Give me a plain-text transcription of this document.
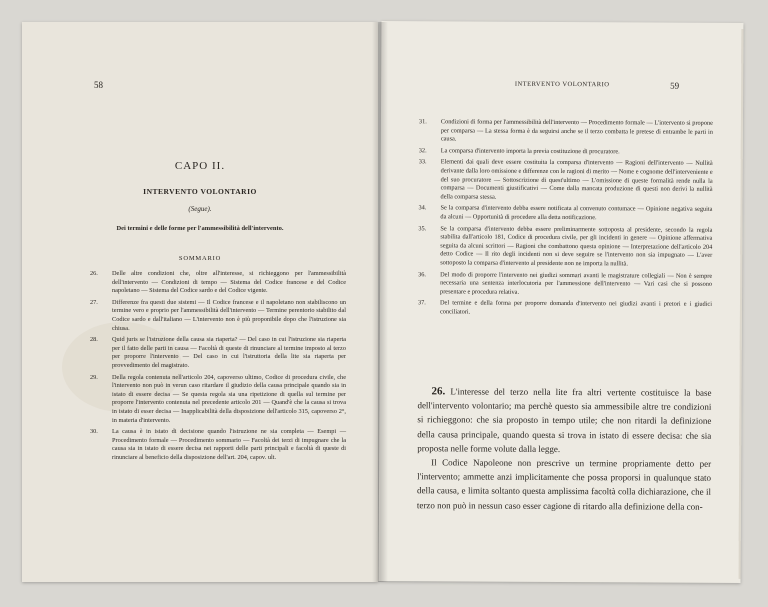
58
CAPO II.
INTERVENTO VOLONTARIO
(Segue).
Dei termini e delle forme per l'ammessibilità dell'intervento.
SOMMARIO
26. Delle altre condizioni che, oltre all'interesse, si richieggono per l'ammessibilità dell'intervento — Condizioni di tempo — Sistema del Codice francese e del Codice napoletano — Sistema del Codice sardo e del Codice vigente.
27. Differenze fra questi due sistemi — Il Codice francese e il napoletano non stabiliscono un termine vero e proprio per l'ammessibilità dell'intervento — Termine perentorio stabilito dal Codice sardo e dall'italiano — L'intervento non è più proponibile dopo che l'istruzione sia chiusa.
28. Quid juris se l'istruzione della causa sia riaperta? — Del caso in cui l'istruzione sia riaperta per il fatto delle parti in causa — Facoltà di queste di rinunciare al termine imposto al terzo per proporre l'intervento — Del caso in cui l'istruttoria della lite sia riaperta per provvedimento del magistrato.
29. Della regola contenuta nell'articolo 204, capoverso ultimo, Codice di procedura civile, che l'intervento non può in verun caso ritardare il giudizio della causa principale quando sia in istato di essere decisa — Se questa regola sia una ripetizione di quella sul termine per proporre l'intervento contenuta nel precedente articolo 201 — Quand'è che la causa si trova in istato di esser decisa — Inapplicabilità della disposizione dell'articolo 315, capoverso 2°, in materia d'intervento.
30. La causa è in istato di decisione quando l'istruzione ne sia completa — Esempi — Procedimento formale — Procedimento sommario — Facoltà dei terzi di impugnare che la causa sia in istato di essere decisa nei rapporti delle parti principali e facoltà di queste di rinunciare al beneficio della disposizione dell'art. 204, capov. ult.
INTERVENTO VOLONTARIO	59
31. Condizioni di forma per l'ammessibilità dell'intervento — Procedimento formale — L'intervento si propone per comparsa — La stessa forma è da seguirsi anche se il terzo combatta le pretese di entrambe le parti in causa.
32. La comparsa d'intervento importa la previa costituzione di procuratore.
33. Elementi dai quali deve essere costituita la comparsa d'intervento — Ragioni dell'intervento — Nullità derivante dalla loro omissione e differenze con le ragioni di merito — Nome e cognome dell'interveniente e del suo procuratore — Sottoscrizione di quest'ultimo — L'omissione di queste formalità rende nulla la comparsa — Documenti giustificativi — Come dalla mancata produzione di questi non derivi la nullità della comparsa stessa.
34. Se la comparsa d'intervento debba essere notificata al convenuto contumace — Opinione negativa seguita da alcuni — Opportunità di procedere alla detta notificazione.
35. Se la comparsa d'intervento debba essere preliminarmente sottoposta al presidente, secondo la regola stabilita dall'articolo 181, Codice di procedura civile, per gli incidenti in genere — Opinione affermativa seguita da alcuni scrittori — Ragioni che combattono questa opinione — Interpretazione dell'articolo 204 detto Codice — Il rito degli incidenti non si deve seguire se l'intervento non sia impugnato — L'aver sottoposto la comparsa d'intervento al presidente non ne importa la nullità.
36. Del modo di proporre l'intervento nei giudizi sommari avanti le magistrature collegiali — Non è sempre necessaria una sentenza interlocutoria per l'ammessione dell'intervento — Vari casi che si possono presentare e procedura relativa.
37. Del termine e della forma per proporre domanda d'intervento nei giudizi avanti i pretori e i giudici conciliatori.

26. L'interesse del terzo nella lite fra altri vertente costituisce la base dell'intervento volontario; ma perchè questo sia ammessibile altre tre condizioni si richieggono: che sia proposto in tempo utile; che non ritardi la definizione della causa principale, quando questa si trova in istato di essere decisa: che sia proposta nelle forme volute dalla legge.

Il Codice Napoleone non prescrive un termine propriamente detto per l'intervento; ammette anzi implicitamente che possa proporsi in qualunque stato della causa, e limita soltanto questa amplissima facoltà colla dichiarazione, che il terzo non può in nessun caso esser cagione di ritardo alla definizione della con-
